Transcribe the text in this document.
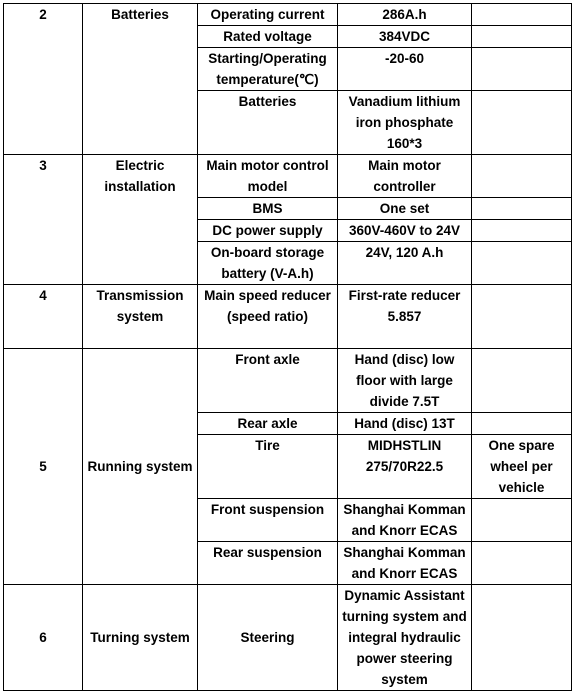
2	Batteries	Operating current	286A.h	
		Rated voltage	384VDC	
		Starting/Operating temperature(℃)	-20-60	
		Batteries	Vanadium lithium iron phosphate 160*3	
3	Electric installation	Main motor control model	Main motor controller	
		BMS	One set	
		DC power supply	360V-460V to 24V	
		On-board storage battery (V-A.h)	24V, 120 A.h	
4	Transmission system	Main speed reducer (speed ratio)	First-rate reducer 5.857	
5	Running system	Front axle	Hand (disc) low floor with large divide 7.5T	
		Rear axle	Hand (disc) 13T	
		Tire	MIDHSTLIN 275/70R22.5	One spare wheel per vehicle
		Front suspension	Shanghai Komman and Knorr ECAS	
		Rear suspension	Shanghai Komman and Knorr ECAS	
6	Turning system	Steering	Dynamic Assistant turning system and integral hydraulic power steering system	
